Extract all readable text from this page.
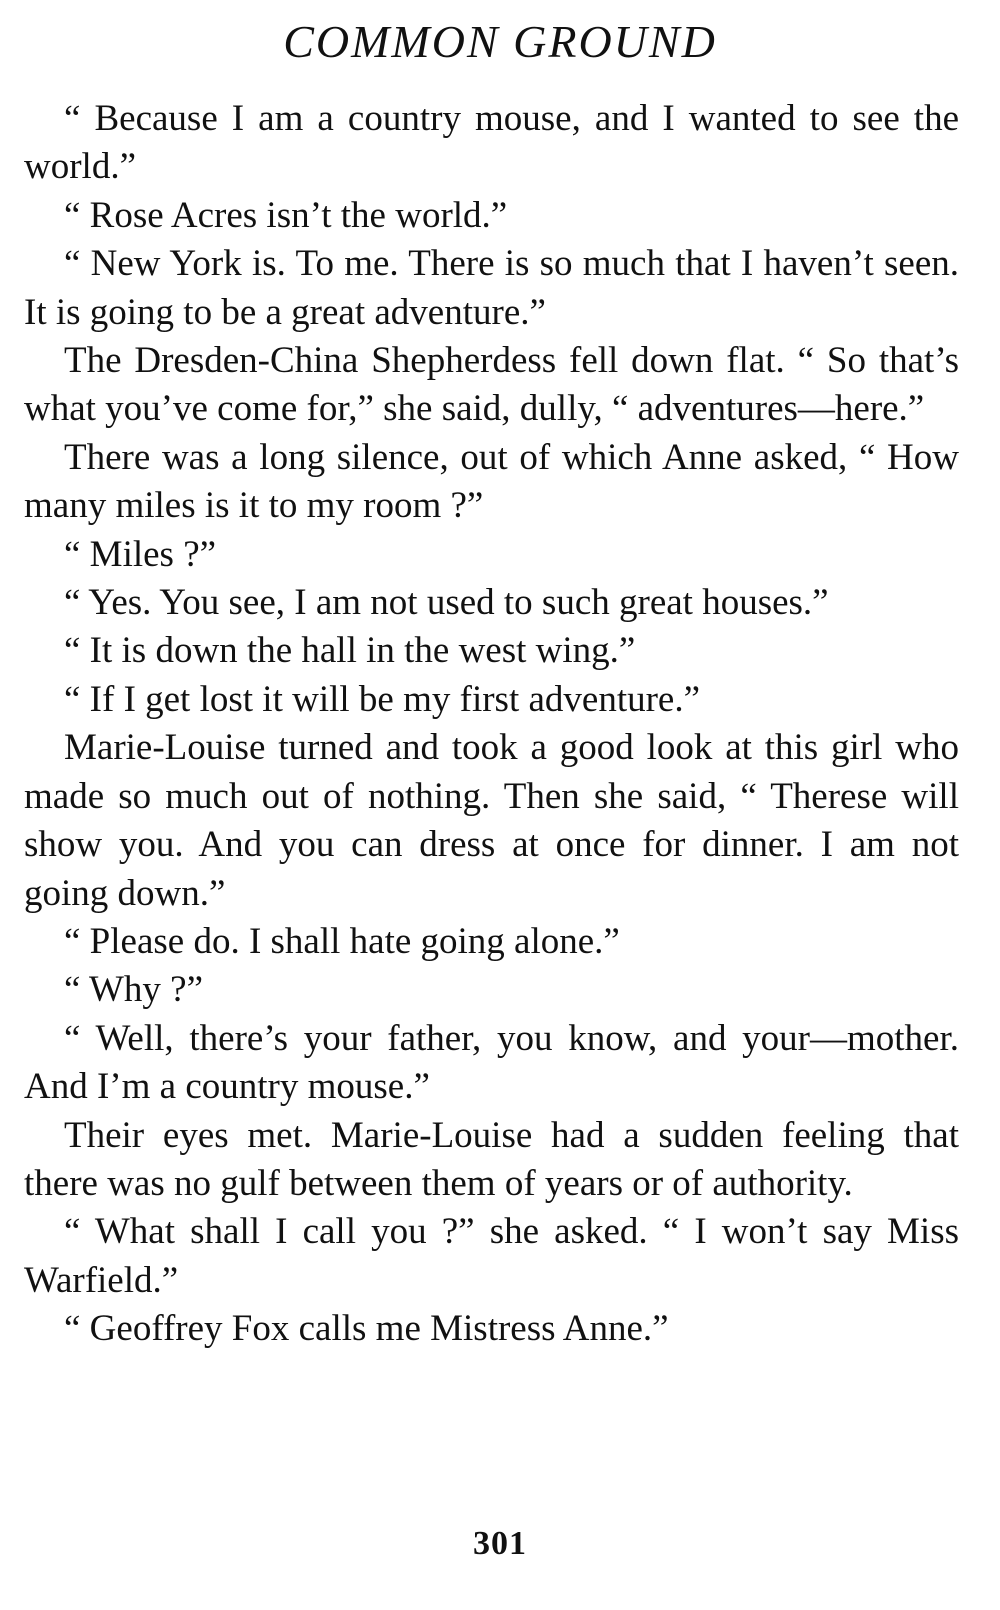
COMMON GROUND

“ Because I am a country mouse, and I wanted to see the world.”

“ Rose Acres isn’t the world.”

“ New York is. To me. There is so much that I haven’t seen. It is going to be a great adventure.”

The Dresden-China Shepherdess fell down flat. “ So that’s what you’ve come for,” she said, dully, “ adventures—here.”

There was a long silence, out of which Anne asked, “ How many miles is it to my room ?”

“ Miles ?”

“ Yes. You see, I am not used to such great houses.”

“ It is down the hall in the west wing.”

“ If I get lost it will be my first adventure.”

Marie-Louise turned and took a good look at this girl who made so much out of nothing. Then she said, “ Therese will show you. And you can dress at once for dinner. I am not going down.”

“ Please do. I shall hate going alone.”

“ Why ?”

“ Well, there’s your father, you know, and your—mother. And I’m a country mouse.”

Their eyes met. Marie-Louise had a sudden feeling that there was no gulf between them of years or of authority.

“ What shall I call you ?” she asked. “ I won’t say Miss Warfield.”

“ Geoffrey Fox calls me Mistress Anne.”

301
